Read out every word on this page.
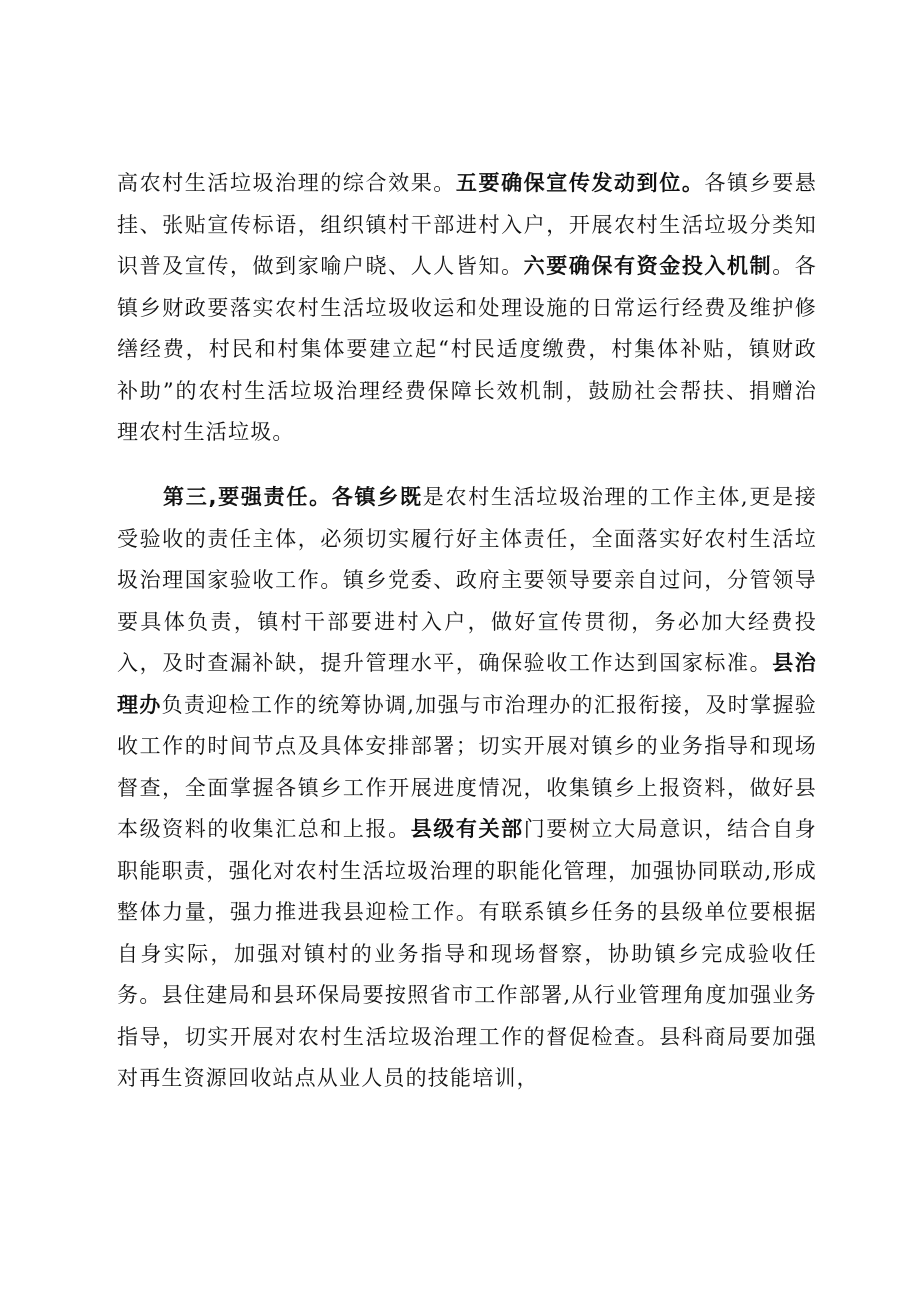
高农村生活垃圾治理的综合效果。五要确保宣传发动到位。各镇乡要悬挂、张贴宣传标语，组织镇村干部进村入户，开展农村生活垃圾分类知识普及宣传，做到家喻户晓、人人皆知。六要确保有资金投入机制。各镇乡财政要落实农村生活垃圾收运和处理设施的日常运行经费及维护修缮经费，村民和村集体要建立起“村民适度缴费，村集体补贴，镇财政补助”的农村生活垃圾治理经费保障长效机制，鼓励社会帮扶、捐赠治理农村生活垃圾。

第三,要强责任。各镇乡既是农村生活垃圾治理的工作主体,更是接受验收的责任主体，必须切实履行好主体责任，全面落实好农村生活垃圾治理国家验收工作。镇乡党委、政府主要领导要亲自过问，分管领导要具体负责，镇村干部要进村入户，做好宣传贯彻，务必加大经费投入，及时查漏补缺，提升管理水平，确保验收工作达到国家标准。县治理办负责迎检工作的统筹协调,加强与市治理办的汇报衔接，及时掌握验收工作的时间节点及具体安排部署；切实开展对镇乡的业务指导和现场督查，全面掌握各镇乡工作开展进度情况，收集镇乡上报资料，做好县本级资料的收集汇总和上报。县级有关部门要树立大局意识，结合自身职能职责，强化对农村生活垃圾治理的职能化管理，加强协同联动,形成整体力量，强力推进我县迎检工作。有联系镇乡任务的县级单位要根据自身实际，加强对镇村的业务指导和现场督察，协助镇乡完成验收任务。县住建局和县环保局要按照省市工作部署,从行业管理角度加强业务指导，切实开展对农村生活垃圾治理工作的督促检查。县科商局要加强对再生资源回收站点从业人员的技能培训，
